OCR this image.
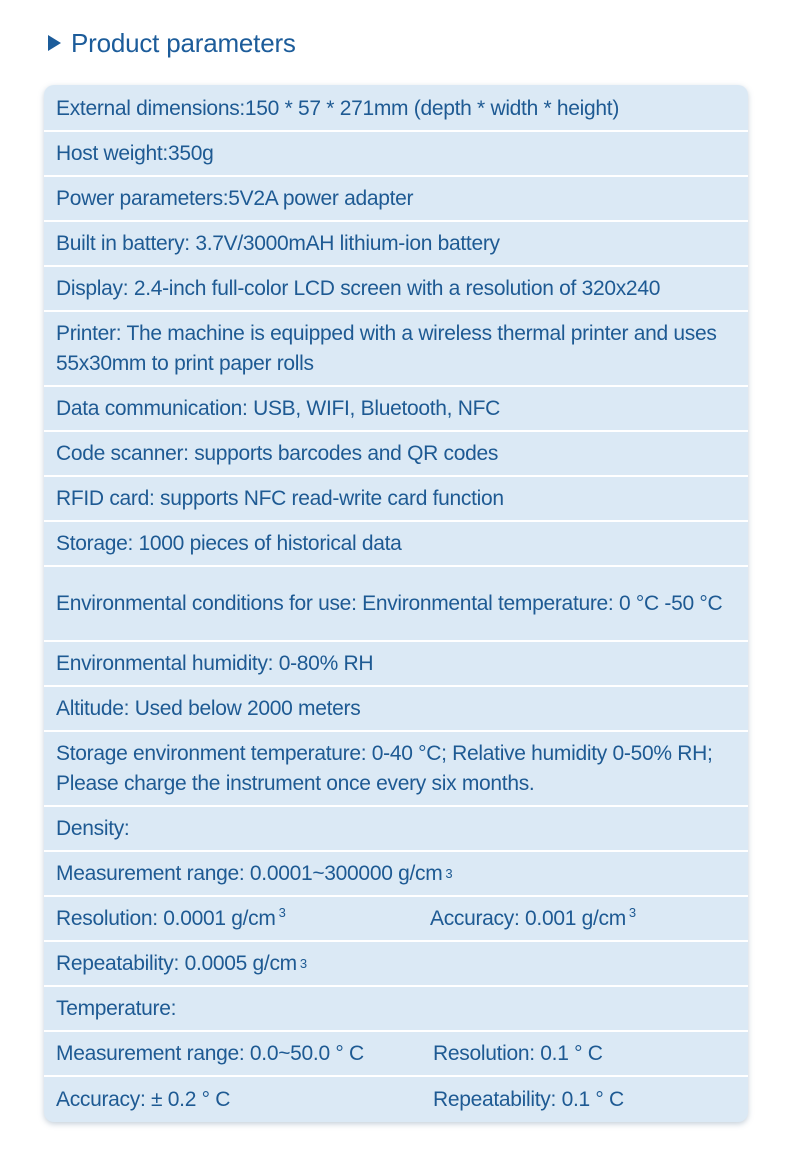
Product parameters
External dimensions:150 * 57 * 271mm (depth * width * height)
Host weight:350g
Power parameters:5V2A power adapter
Built in battery: 3.7V/3000mAH lithium-ion battery
Display: 2.4-inch full-color LCD screen with a resolution of 320x240
Printer: The machine is equipped with a wireless thermal printer and uses 55x30mm to print paper rolls
Data communication: USB, WIFI, Bluetooth, NFC
Code scanner: supports barcodes and QR codes
RFID card: supports NFC read-write card function
Storage: 1000 pieces of historical data
Environmental conditions for use: Environmental temperature: 0 °C -50 °C
Environmental humidity: 0-80% RH
Altitude: Used below 2000 meters
Storage environment temperature: 0-40 °C; Relative humidity 0-50% RH; Please charge the instrument once every six months.
Density:
Measurement range: 0.0001~300000 g/cm 3
Resolution: 0.0001 g/cm $^3$	Accuracy: 0.001 g/cm $^3$
Repeatability: 0.0005 g/cm 3
Temperature:
Measurement range: 0.0~50.0 ° C	Resolution: 0.1 ° C
Accuracy: ± 0.2 ° C	Repeatability: 0.1 ° C
